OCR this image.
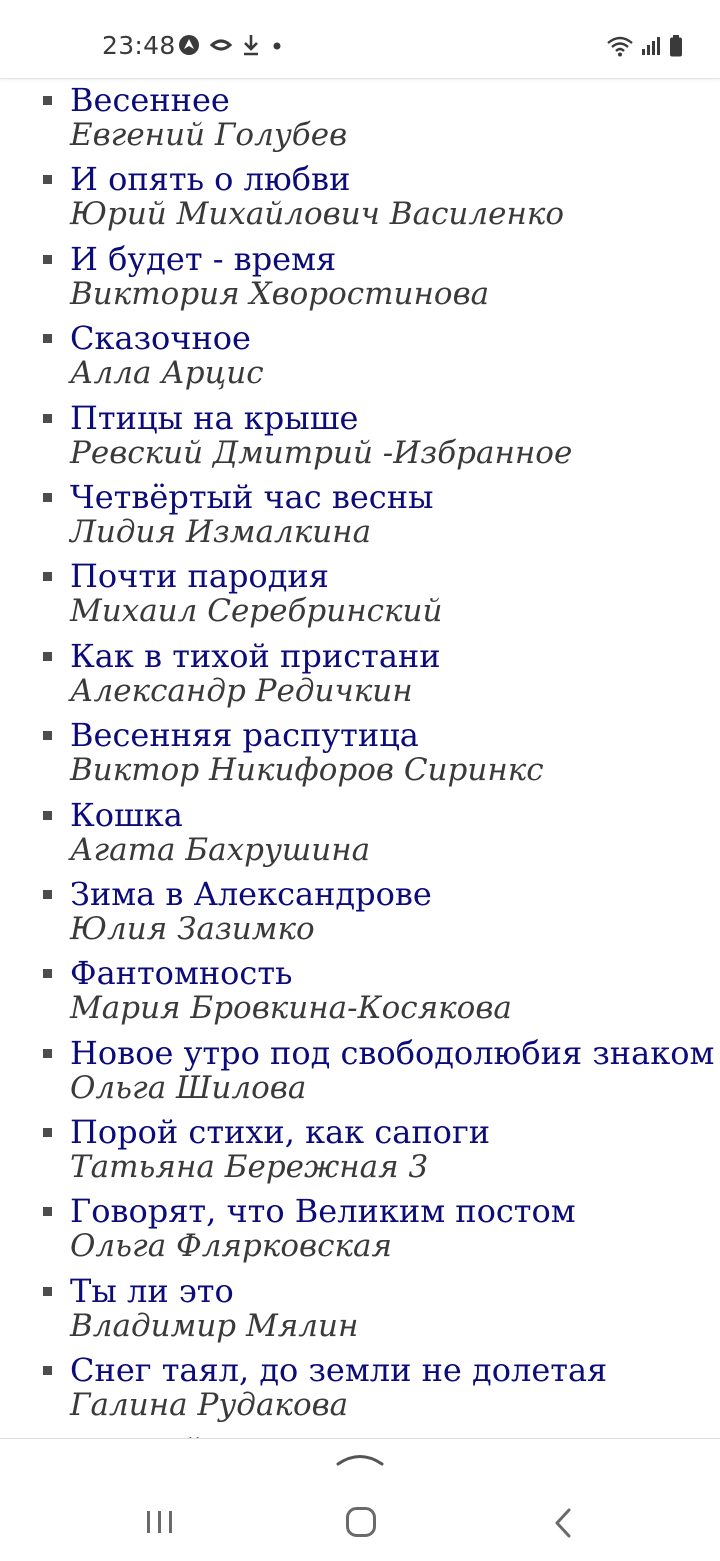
23:48
Весеннее
Евгений Голубев
И опять о любви
Юрий Михайлович Василенко
И будет - время
Виктория Хворостинова
Сказочное
Алла Арцис
Птицы на крыше
Ревский Дмитрий -Избранное
Четвёртый час весны
Лидия Измалкина
Почти пародия
Михаил Серебринский
Как в тихой пристани
Александр Редичкин
Весенняя распутица
Виктор Никифоров Сиринкс
Кошка
Агата Бахрушина
Зима в Александрове
Юлия Зазимко
Фантомность
Мария Бровкина-Косякова
Новое утро под свободолюбия знаком
Ольга Шилова
Порой стихи, как сапоги
Татьяна Бережная 3
Говорят, что Великим постом
Ольга Флярковская
Ты ли это
Владимир Мялин
Снег таял, до земли не долетая
Галина Рудакова
